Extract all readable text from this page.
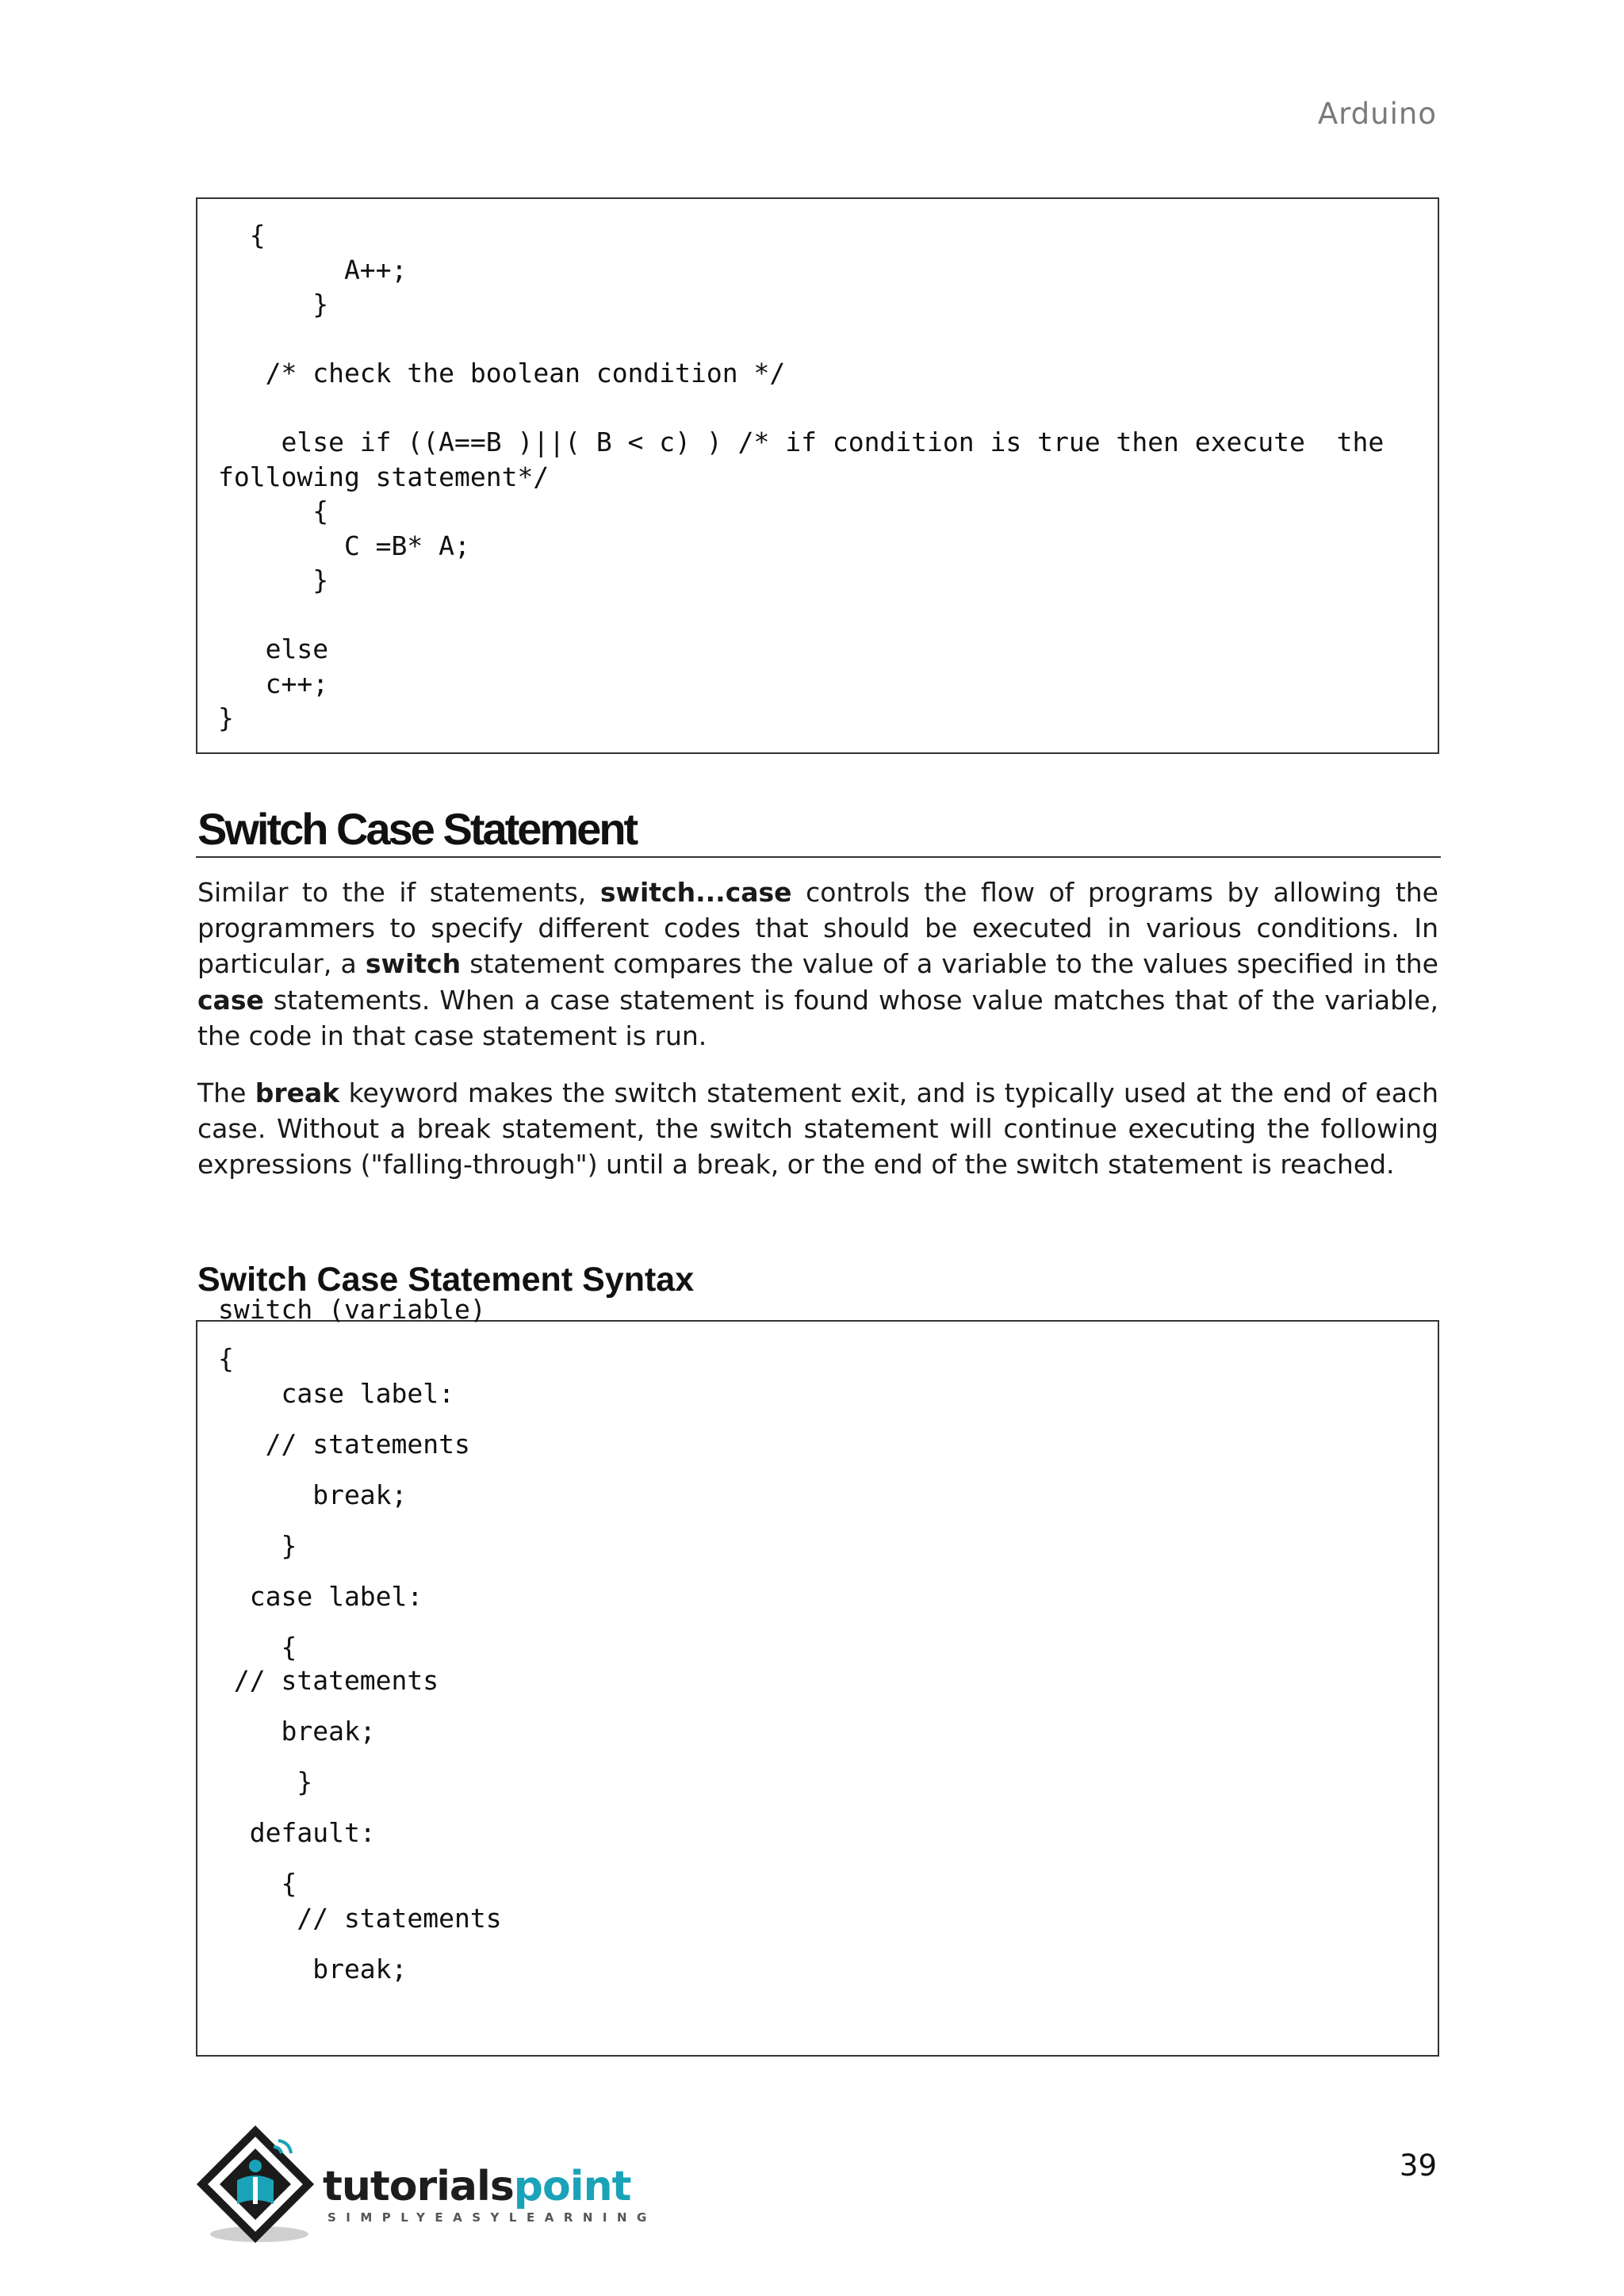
Arduino
{
A++;
}

/* check the boolean condition */

else if ((A==B )||( B < c) ) /* if condition is true then execute  the
following statement*/
{
C =B* A;
}

else
c++;
}
Switch Case Statement
Similar to the if statements, switch...case controls the flow of programs by allowing the programmers to specify different codes that should be executed in various conditions. In particular, a switch statement compares the value of a variable to the values specified in the case statements. When a case statement is found whose value matches that of the variable, the code in that case statement is run.
The break keyword makes the switch statement exit, and is typically used at the end of each case. Without a break statement, the switch statement will continue executing the following expressions ("falling-through") until a break, or the end of the switch statement is reached.
Switch Case Statement Syntax
switch (variable)
{
case label:
// statements
break;
}
case label:
{
// statements
break;
}
default:
{
// statements
break;
tutorialspoint
SIMPLYEASYLEARNING
39
